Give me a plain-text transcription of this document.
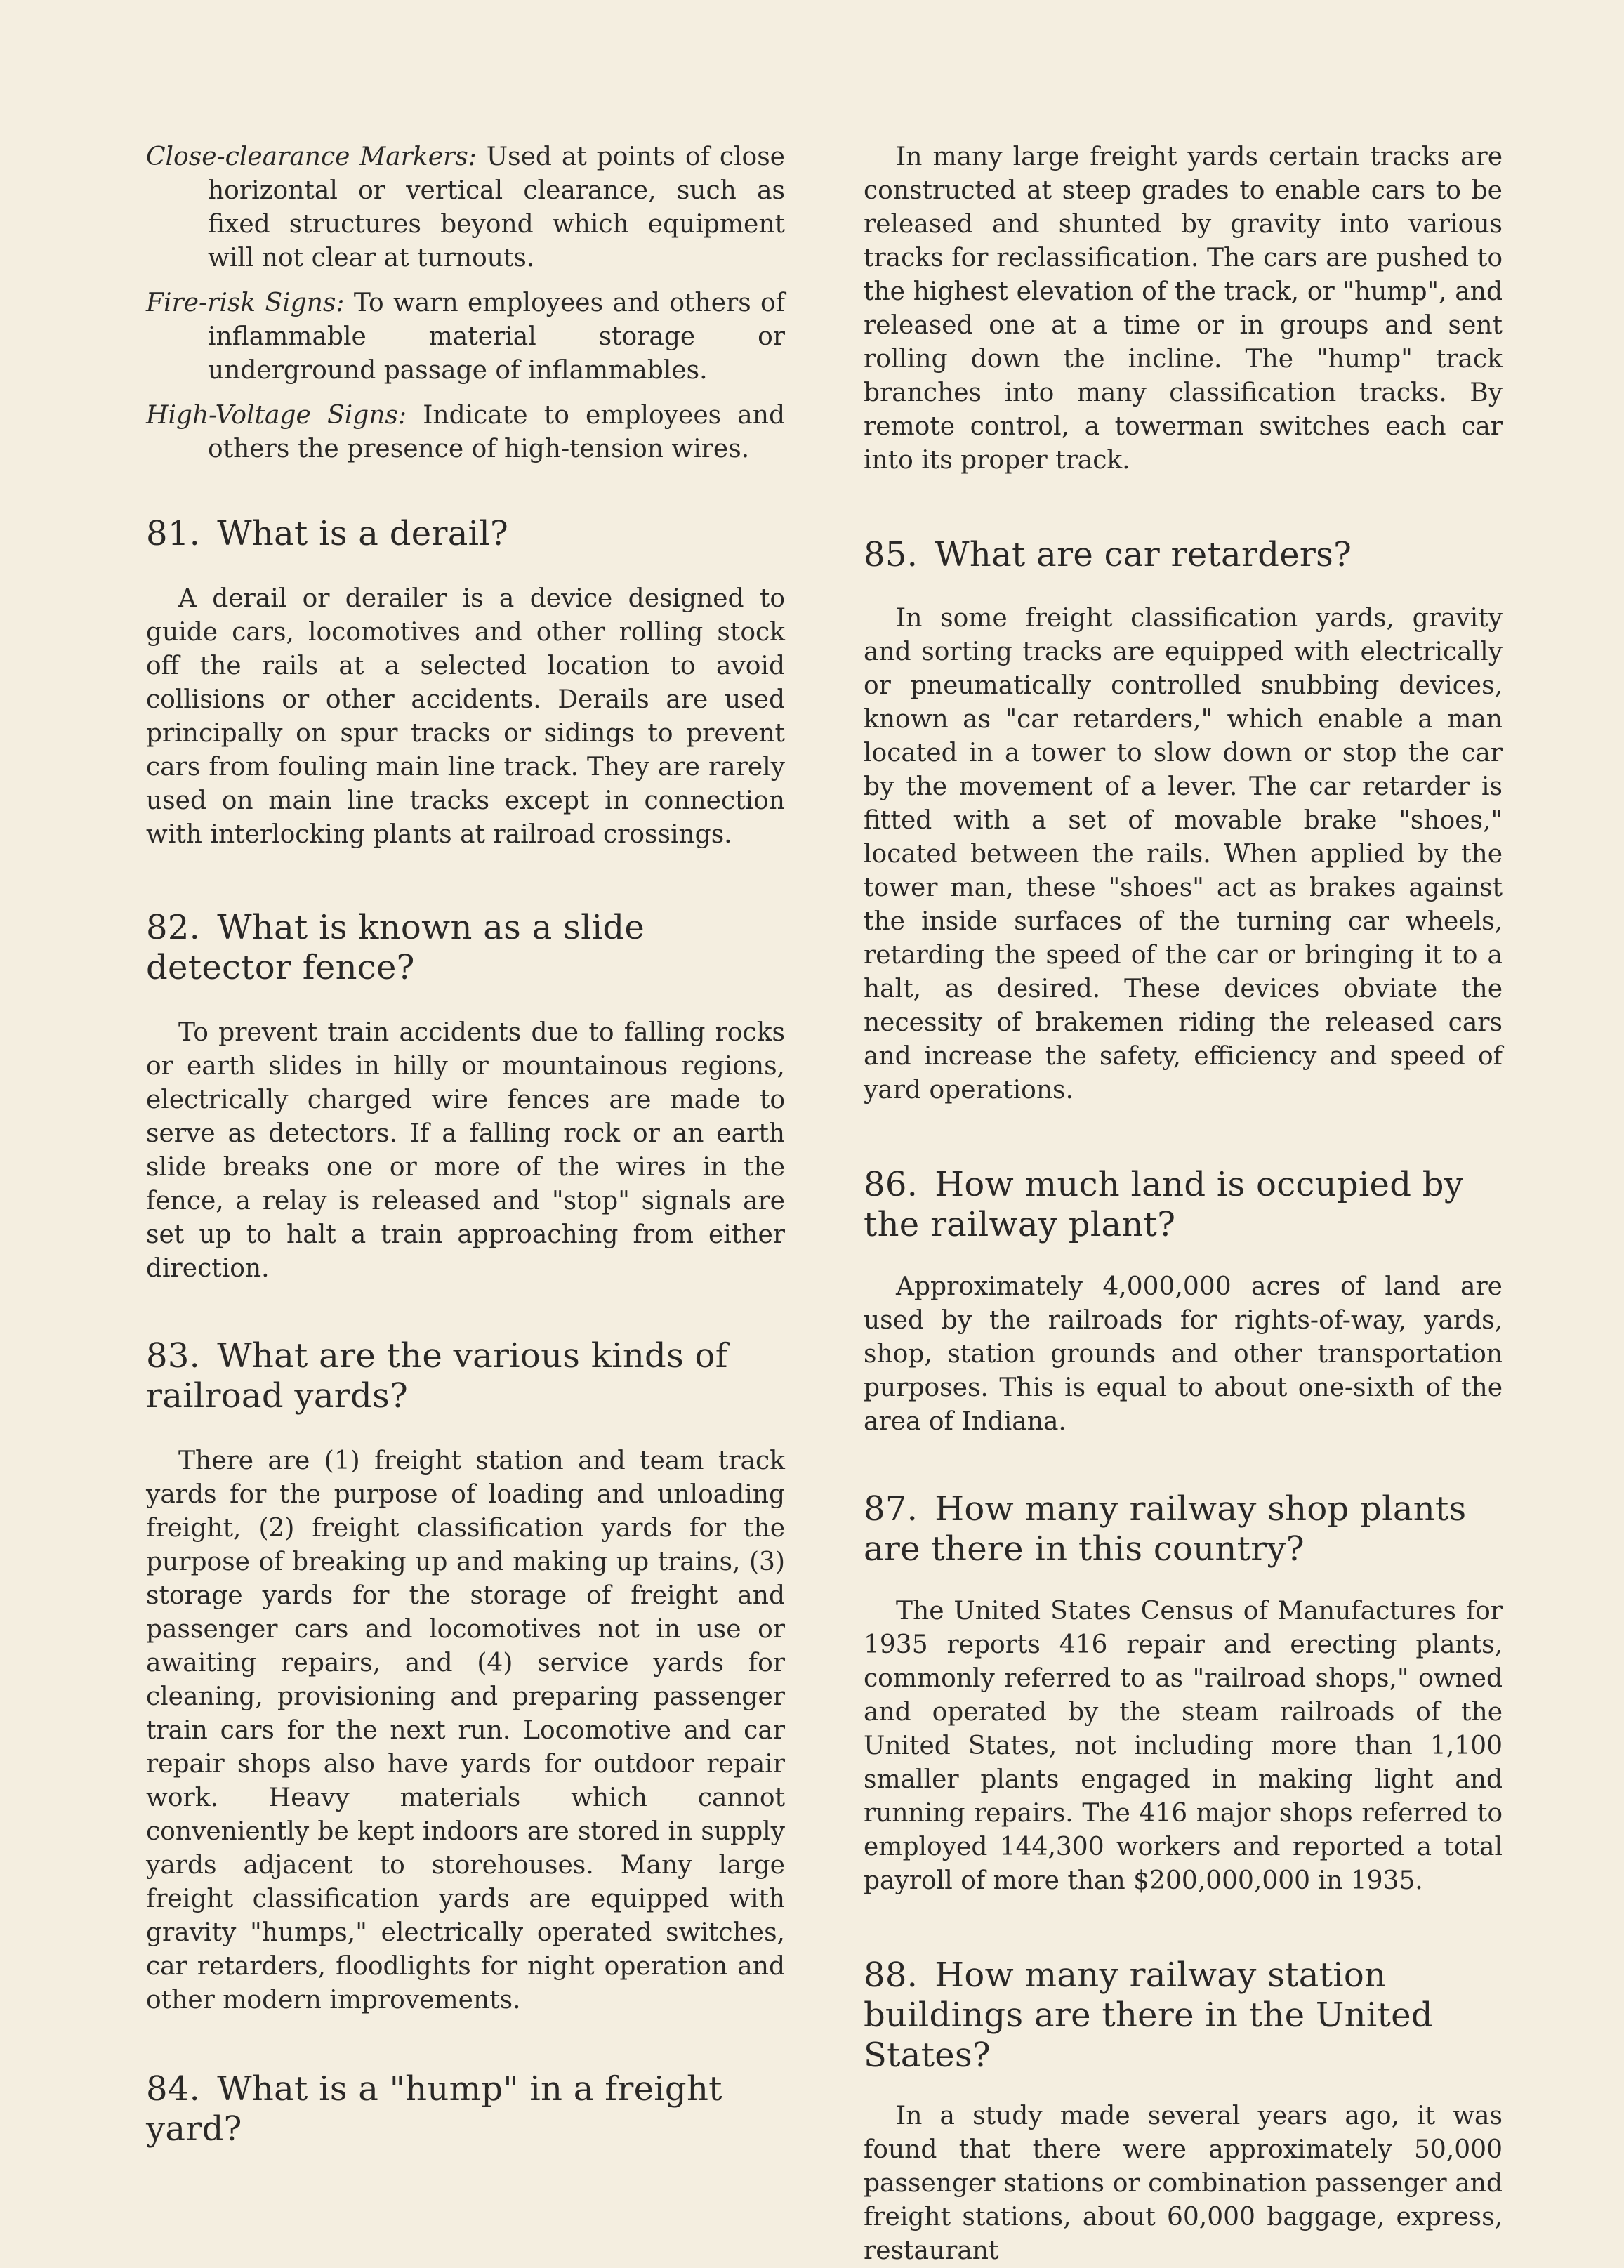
Close-clearance Markers: Used at points of close horizontal or vertical clearance, such as fixed structures beyond which equipment will not clear at turnouts.

Fire-risk Signs: To warn employees and others of inflammable material storage or underground passage of inflammables.

High-Voltage Signs: Indicate to employees and others the presence of high-tension wires.

81. What is a derail?

A derail or derailer is a device designed to guide cars, locomotives and other rolling stock off the rails at a selected location to avoid collisions or other accidents. Derails are used principally on spur tracks or sidings to prevent cars from fouling main line track. They are rarely used on main line tracks except in connection with interlocking plants at railroad crossings.

82. What is known as a slide detector fence?

To prevent train accidents due to falling rocks or earth slides in hilly or mountainous regions, electrically charged wire fences are made to serve as detectors. If a falling rock or an earth slide breaks one or more of the wires in the fence, a relay is released and "stop" signals are set up to halt a train approaching from either direction.

83. What are the various kinds of railroad yards?

There are (1) freight station and team track yards for the purpose of loading and unloading freight, (2) freight classification yards for the purpose of breaking up and making up trains, (3) storage yards for the storage of freight and passenger cars and locomotives not in use or awaiting repairs, and (4) service yards for cleaning, provisioning and preparing passenger train cars for the next run. Locomotive and car repair shops also have yards for outdoor repair work. Heavy materials which cannot conveniently be kept indoors are stored in supply yards adjacent to storehouses. Many large freight classification yards are equipped with gravity "humps," electrically operated switches, car retarders, floodlights for night operation and other modern improvements.

84. What is a "hump" in a freight yard?

In many large freight yards certain tracks are constructed at steep grades to enable cars to be released and shunted by gravity into various tracks for reclassification. The cars are pushed to the highest elevation of the track, or "hump", and released one at a time or in groups and sent rolling down the incline. The "hump" track branches into many classification tracks. By remote control, a towerman switches each car into its proper track.

85. What are car retarders?

In some freight classification yards, gravity and sorting tracks are equipped with electrically or pneumatically controlled snubbing devices, known as "car retarders," which enable a man located in a tower to slow down or stop the car by the movement of a lever. The car retarder is fitted with a set of movable brake "shoes," located between the rails. When applied by the tower man, these "shoes" act as brakes against the inside surfaces of the turning car wheels, retarding the speed of the car or bringing it to a halt, as desired. These devices obviate the necessity of brakemen riding the released cars and increase the safety, efficiency and speed of yard operations.

86. How much land is occupied by the railway plant?

Approximately 4,000,000 acres of land are used by the railroads for rights-of-way, yards, shop, station grounds and other transportation purposes. This is equal to about one-sixth of the area of Indiana.

87. How many railway shop plants are there in this country?

The United States Census of Manufactures for 1935 reports 416 repair and erecting plants, commonly referred to as "railroad shops," owned and operated by the steam railroads of the United States, not including more than 1,100 smaller plants engaged in making light and running repairs. The 416 major shops referred to employed 144,300 workers and reported a total payroll of more than $200,000,000 in 1935.

88. How many railway station buildings are there in the United States?

In a study made several years ago, it was found that there were approximately 50,000 passenger stations or combination passenger and freight stations, about 60,000 baggage, express, restaurant
